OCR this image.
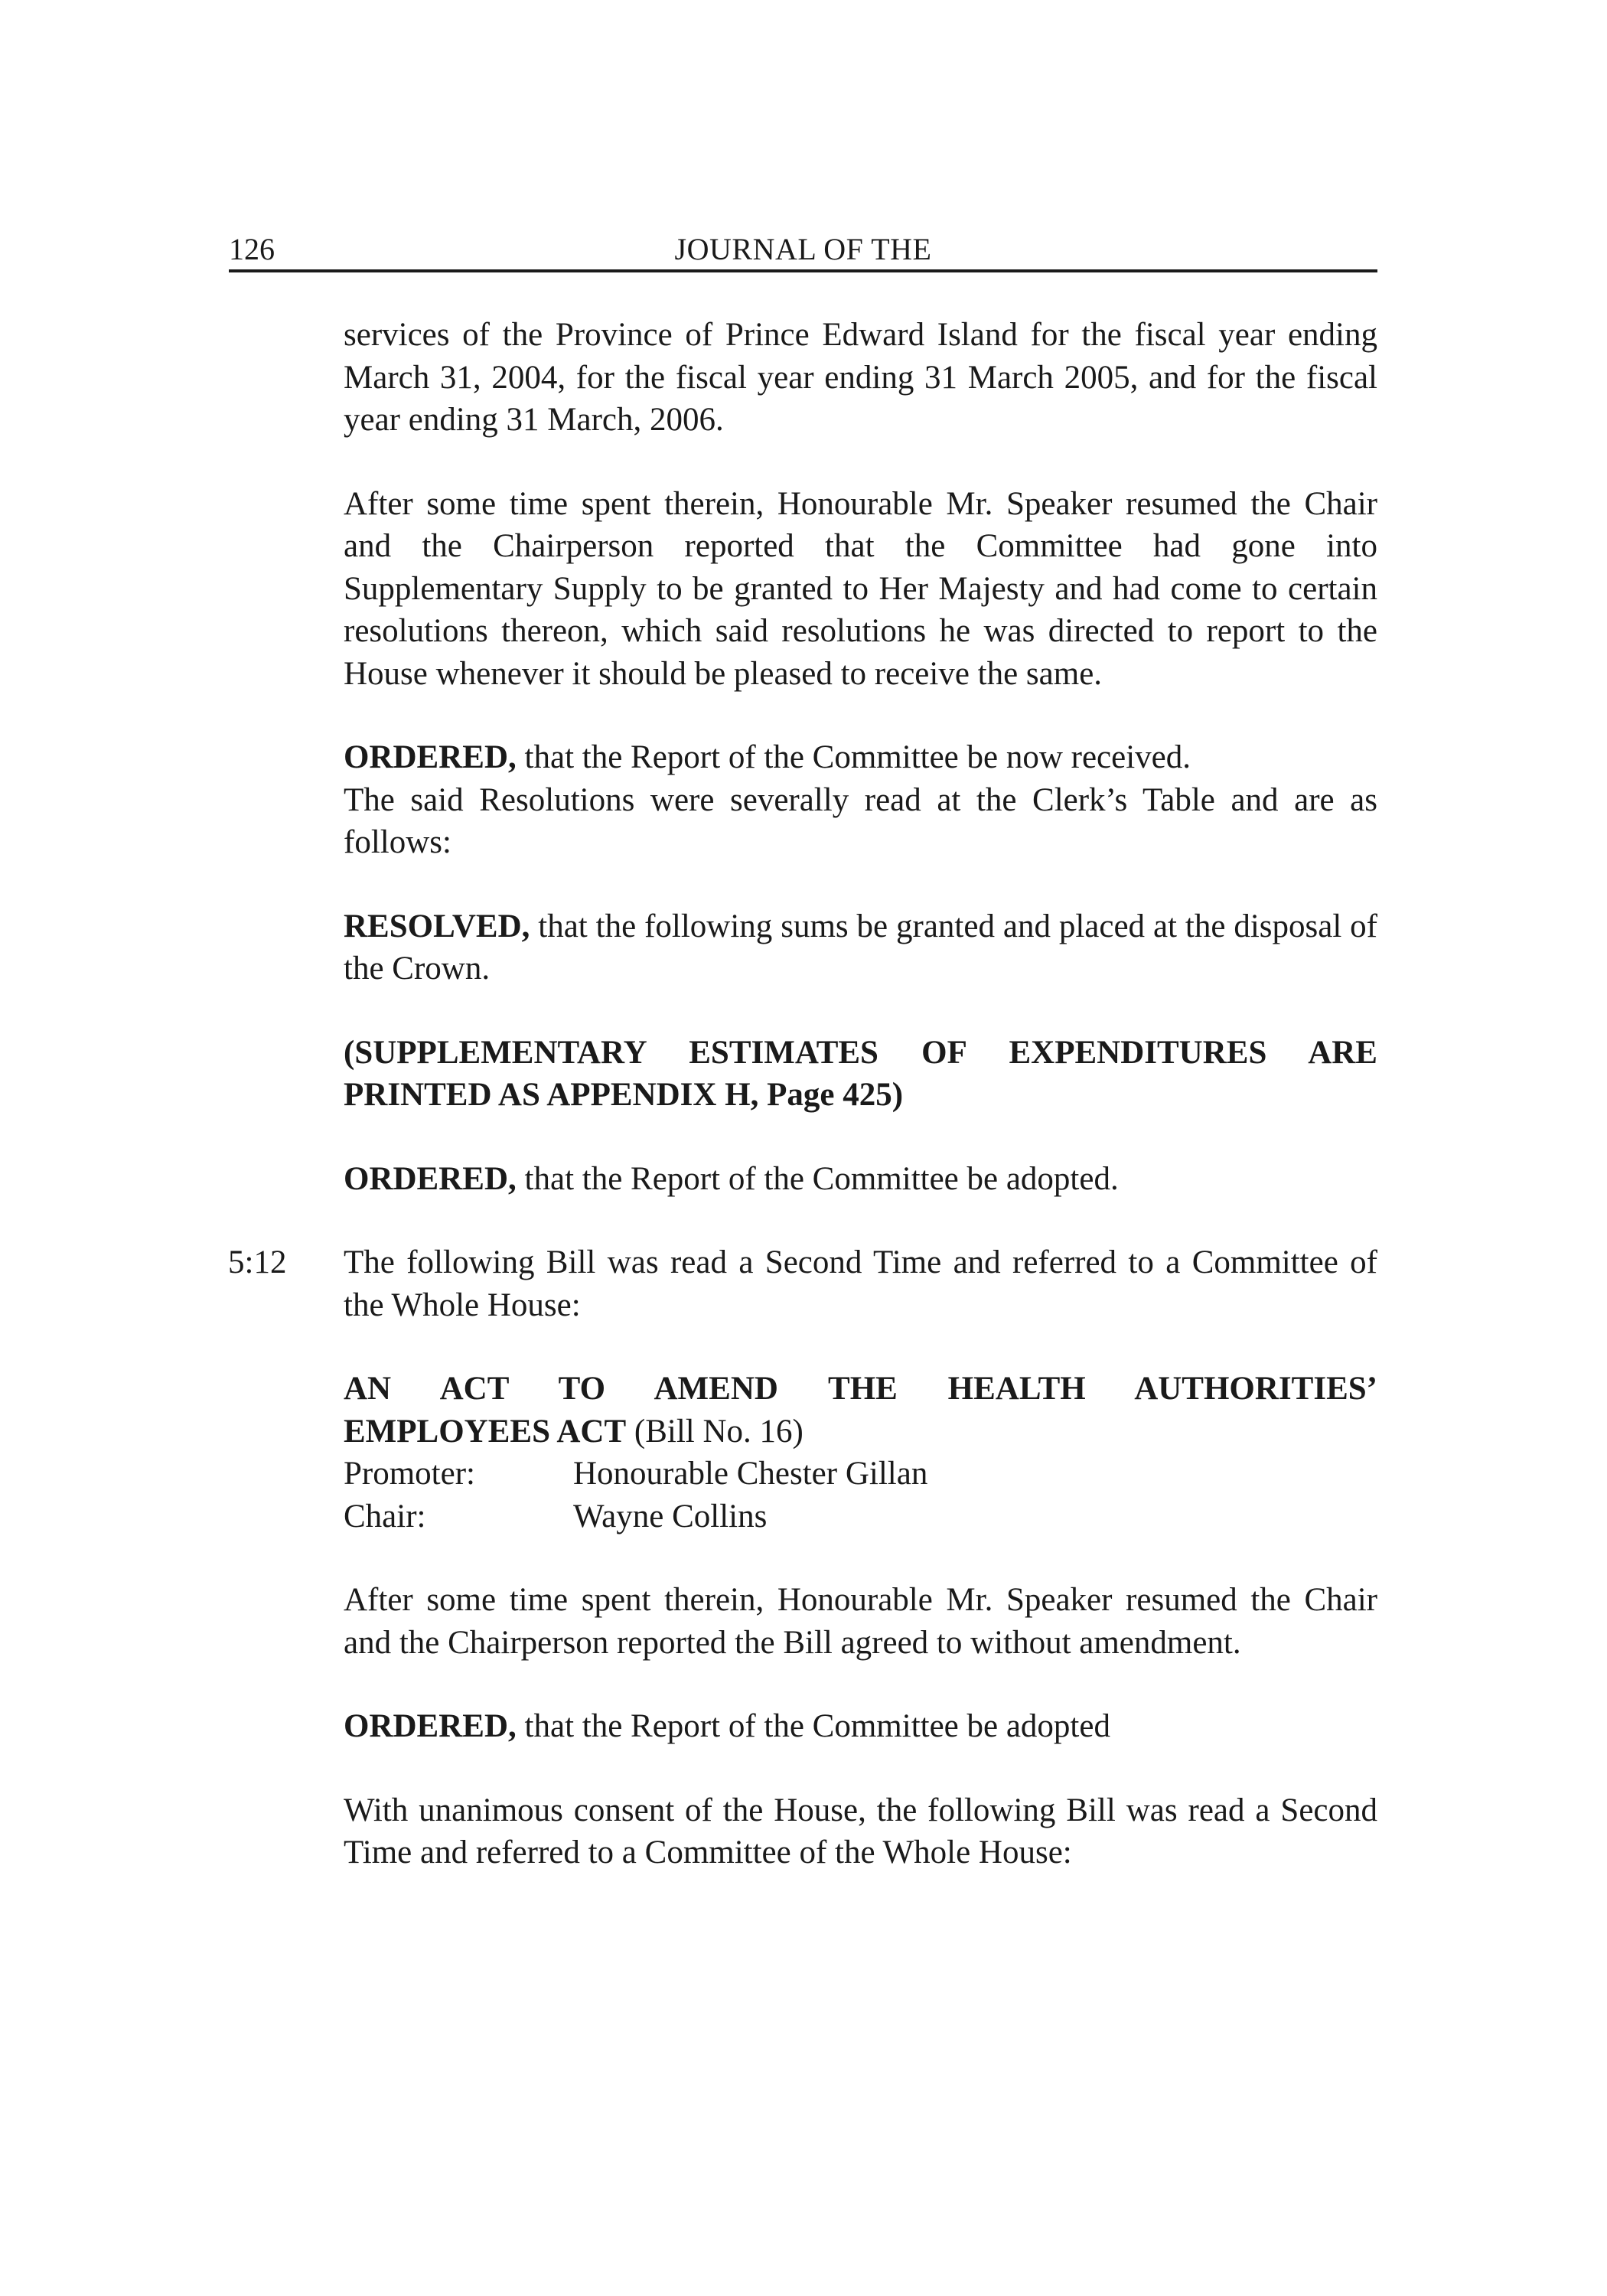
126	JOURNAL OF THE

services of the Province of Prince Edward Island for the fiscal year ending March 31, 2004, for the fiscal year ending 31 March 2005, and for the fiscal year ending 31 March, 2006.

After some time spent therein, Honourable Mr. Speaker resumed the Chair and the Chairperson reported that the Committee had gone into Supplementary Supply to be granted to Her Majesty and had come to certain resolutions thereon, which said resolutions he was directed to report to the House whenever it should be pleased to receive the same.

ORDERED, that the Report of the Committee be now received.

The said Resolutions were severally read at the Clerk’s Table and are as follows:

RESOLVED, that the following sums be granted and placed at the disposal of the Crown.

(SUPPLEMENTARY ESTIMATES OF EXPENDITURES ARE PRINTED AS APPENDIX H, Page 425)

ORDERED, that the Report of the Committee be adopted.

5:12 The following Bill was read a Second Time and referred to a Committee of the Whole House:

AN ACT TO AMEND THE HEALTH AUTHORITIES’
EMPLOYEES ACT (Bill No. 16)
Promoter:	Honourable Chester Gillan
Chair:	Wayne Collins

After some time spent therein, Honourable Mr. Speaker resumed the Chair and the Chairperson reported the Bill agreed to without amendment.

ORDERED, that the Report of the Committee be adopted

With unanimous consent of the House, the following Bill was read a Second Time and referred to a Committee of the Whole House:
